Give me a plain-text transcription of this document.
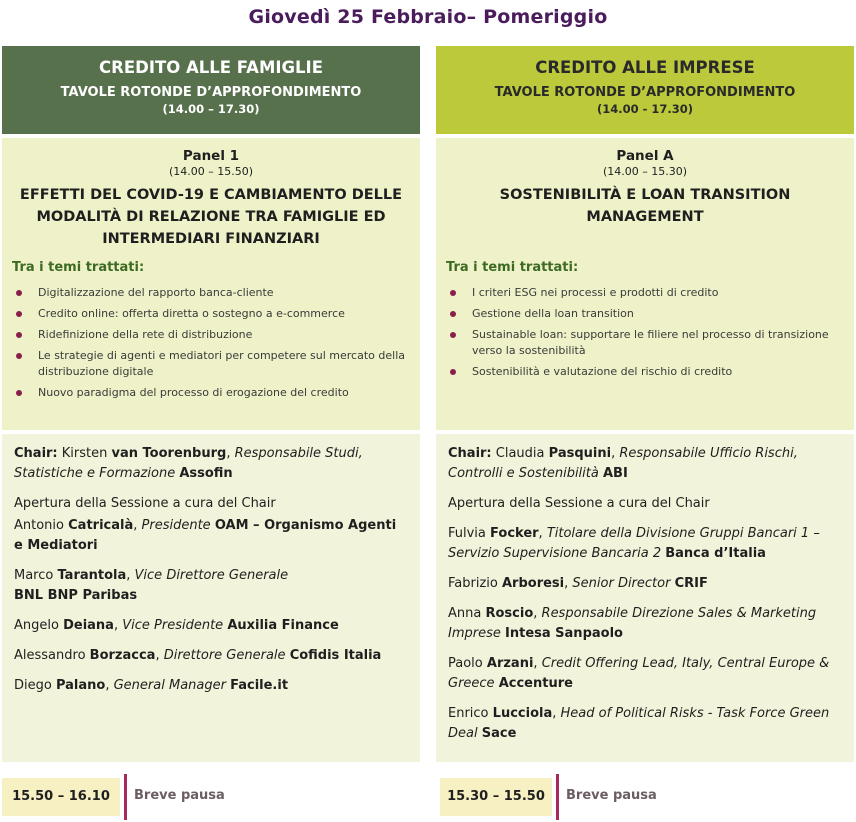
Giovedì 25 Febbraio– Pomeriggio
CREDITO ALLE FAMIGLIE
TAVOLE ROTONDE D’APPROFONDIMENTO
(14.00 – 17.30)
Panel 1
(14.00 – 15.50)
EFFETTI DEL COVID-19 E CAMBIAMENTO DELLE MODALITÀ DI RELAZIONE TRA FAMIGLIE ED INTERMEDIARI FINANZIARI
Tra i temi trattati:
Digitalizzazione del rapporto banca-cliente
Credito online: offerta diretta o sostegno a e-commerce
Ridefinizione della rete di distribuzione
Le strategie di agenti e mediatori per competere sul mercato della distribuzione digitale
Nuovo paradigma del processo di erogazione del credito
Chair: Kirsten van Toorenburg, Responsabile Studi, Statistiche e Formazione Assofin
Apertura della Sessione a cura del Chair
Antonio Catricalà, Presidente OAM – Organismo Agenti e Mediatori
Marco Tarantola, Vice Direttore Generale
BNL BNP Paribas
Angelo Deiana, Vice Presidente Auxilia Finance
Alessandro Borzacca, Direttore Generale Cofidis Italia
Diego Palano, General Manager Facile.it
CREDITO ALLE IMPRESE
TAVOLE ROTONDE D’APPROFONDIMENTO
(14.00 - 17.30)
Panel A
(14.00 – 15.30)
SOSTENIBILITÀ E LOAN TRANSITION MANAGEMENT
Tra i temi trattati:
I criteri ESG nei processi e prodotti di credito
Gestione della loan transition
Sustainable loan: supportare le filiere nel processo di transizione verso la sostenibilità
Sostenibilità e valutazione del rischio di credito
Chair: Claudia Pasquini, Responsabile Ufficio Rischi, Controlli e Sostenibilità ABI
Apertura della Sessione a cura del Chair
Fulvia Focker, Titolare della Divisione Gruppi Bancari 1 – Servizio Supervisione Bancaria 2 Banca d’Italia
Fabrizio Arboresi, Senior Director CRIF
Anna Roscio, Responsabile Direzione Sales & Marketing Imprese Intesa Sanpaolo
Paolo Arzani, Credit Offering Lead, Italy, Central Europe & Greece Accenture
Enrico Lucciola, Head of Political Risks - Task Force Green Deal Sace
15.50 – 16.10	Breve pausa	15.30 – 15.50	Breve pausa
